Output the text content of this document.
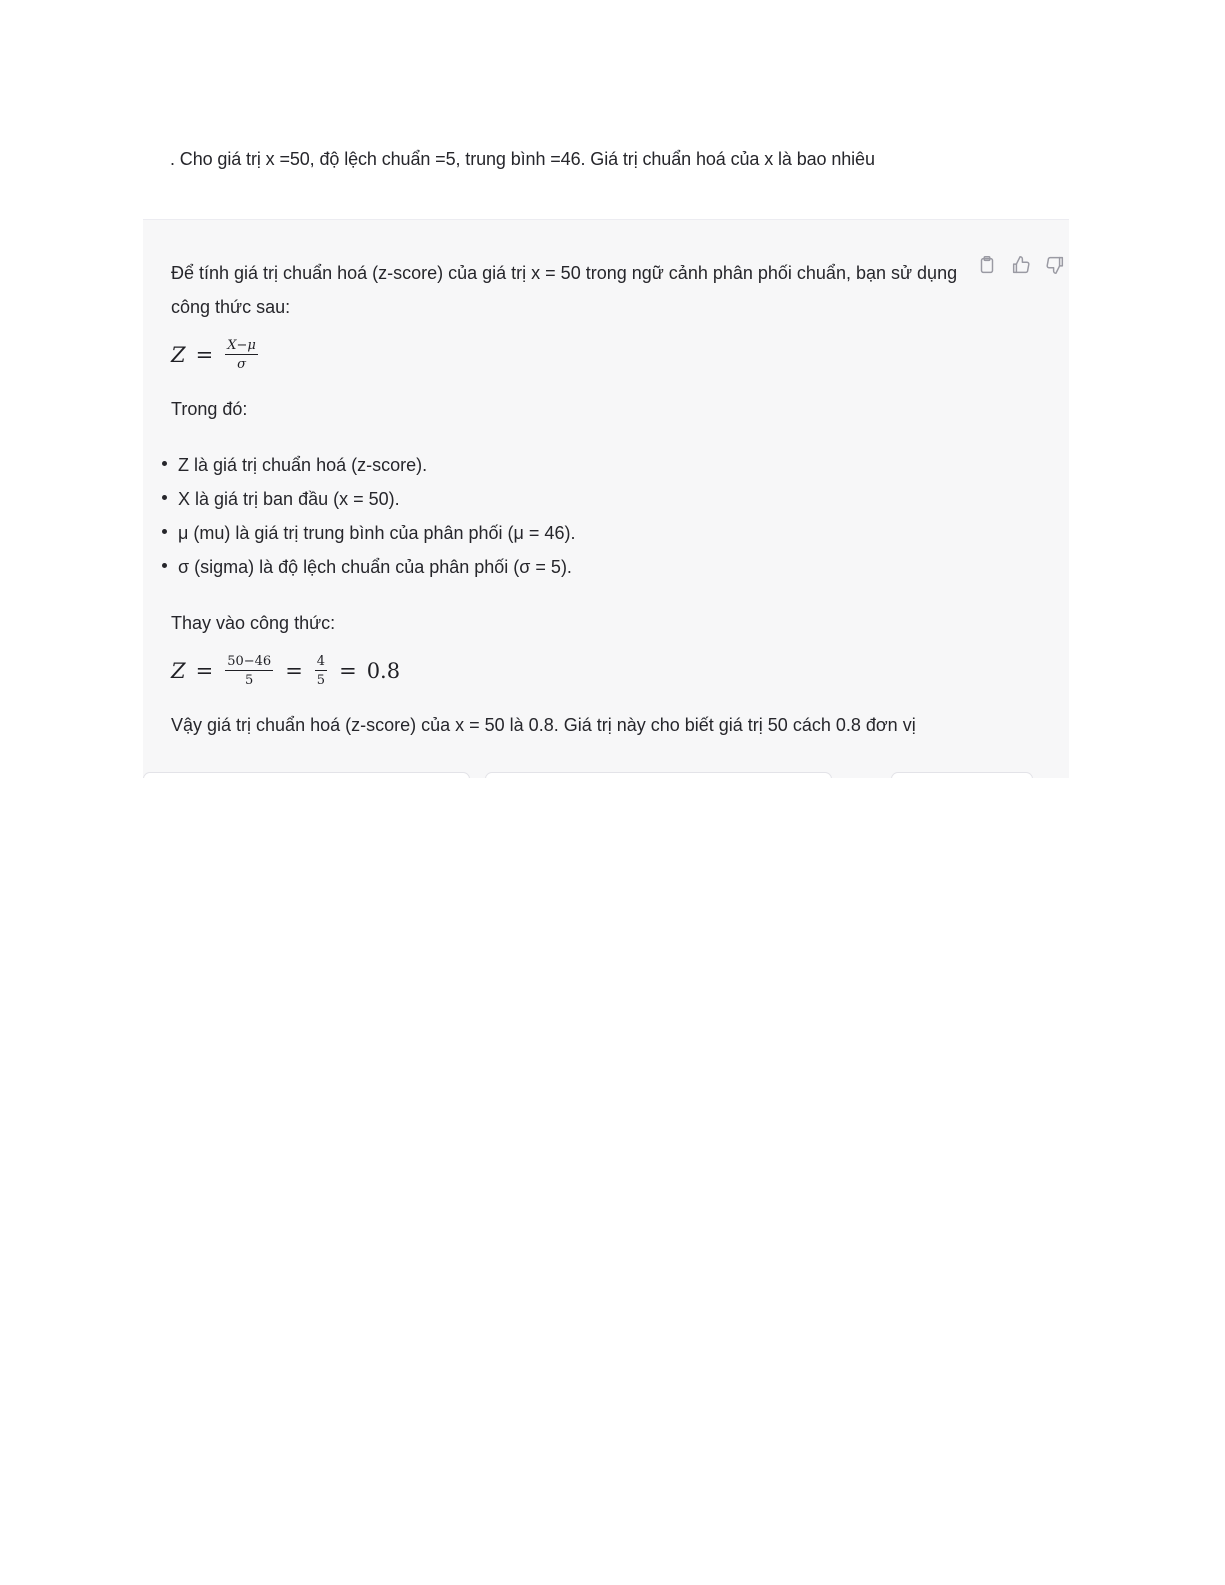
. Cho giá trị x =50, độ lệch chuẩn =5, trung bình =46. Giá trị chuẩn hoá của x là bao nhiêu

Để tính giá trị chuẩn hoá (z-score) của giá trị x = 50 trong ngữ cảnh phân phối chuẩn, bạn sử dụng công thức sau:

$Z = \frac{X-\mu}{\sigma}$

Trong đó:

Z là giá trị chuẩn hoá (z-score).
X là giá trị ban đầu (x = 50).
μ (mu) là giá trị trung bình của phân phối (μ = 46).
σ (sigma) là độ lệch chuẩn của phân phối (σ = 5).

Thay vào công thức:

$Z = \frac{50-46}{5} = \frac{4}{5} = 0.8$

Vậy giá trị chuẩn hoá (z-score) của x = 50 là 0.8. Giá trị này cho biết giá trị 50 cách 0.8 đơn vị
